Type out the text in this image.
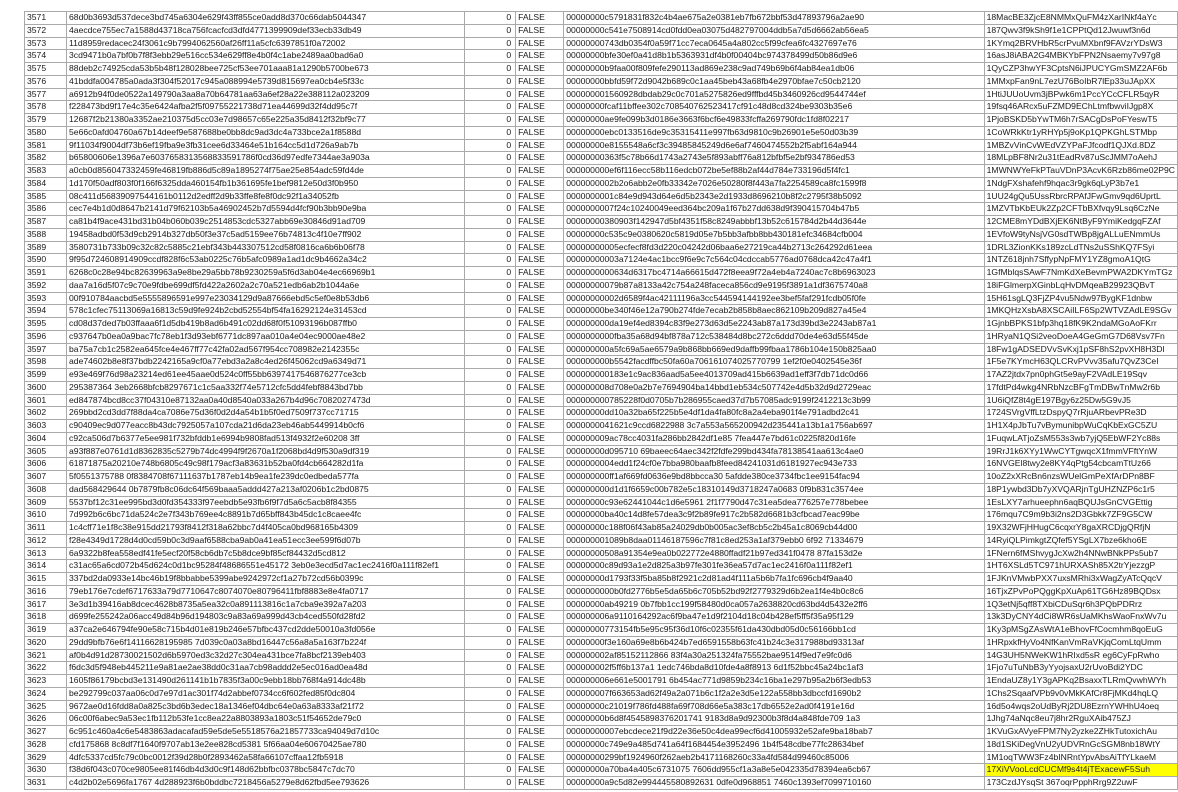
3571	68d0b3693d537dece3bd745a6304e629f43ff855ce0add8d370c66dab5044347	0	FALSE	00000000c5791831f832c4b4ae675a2e0381eb7fb672bbf53d47893796a2ae90	18MacBE3ZjcE8NMMxQuFM4zXarINkf4aYc
3572	4aecdce755ec7a1588d43718ca756fcacfcd3dfd4771399909def33ecb33db49	0	FALSE	00000000c541e7508914cd0fdd0ea03075d482797004ddb5a7d5d6662ab56ea5	187Qwv3f9kSh9f1e1CPPtQd12Jwuwf3n6d
3573	11d8959redacec24f3061c9b7994062560af26ff11a5cfc6397851f0a72002	0	FALSE	00000000743db0354f0a59f71cc7eca0645a4a802cc5f99cfea6fc4327697e76	1KYmq2BRVHbR5crPvuMXbnf9FAVzrYDsW3
3574	3cd9471b0a7bf0b7f8f3ebb29e516cc534e629ff8e4b0f4c1abe2489aa0bad6a0	0	FALSE	00000000bfe30ef0a41d8b1b5363931df4b0f00404bc974378499d50b86d9e6	16asJ8iABA2G4MBKYbFPN2Nsaemy7v97g8
3575	88deb2c74925cda53b5b48f128028bee725cf53ee701aaa81a1290b5700be673	0	FALSE	00000000b9faa00f809fefe290113ad869e238c9ad749b69b6f4ab84ea1db06	1QyCZP3hwYF3CptsN6iJPUCYGmSMZ2AF6b
3576	41bddfa004785a0ada3f304f52017c945a088994e5739d815697ea0cb4e5f33c	0	FALSE	00000000bbfd59f72d9042b689c0c1aa45beb43a68fb4e2970bfae7c50cb2120	1MMxpFan9nL7ezU76BoIbR7lEp33uJApXX
3577	a6912b94f0de0522a149790a3aa8a70b64781aa63a6ef28a22e388112a023209	0	FALSE	000000001560928dbdab29c0c701a5275826ed9fffbd45b3460926cd9544744ef	1HtiJUUoUvm3jBPwk6m1PccYCcCFLR5qyR
3578	f228473bd9f17e4c35e6424afba2f5f09755221738d71ea44699d32f4dd95c7f	0	FALSE	00000000fcaf11bffee302c708540762523417cf91c48d8cd324be9303b35e6	19fsq46ARcx5uFZMD9EChLtmfbwviIJgp8X
3579	12687f2b21380a3352ae210375d5cc03e7d98657c65e225a35d8412f32bf9c77	0	FALSE	00000000ae9fe099b3d0186e3663f6bcf6e49833fcffa269790fdc1fd8f02217	1PjoBSKD5bYwTM6h7rSACgDsPoFYeswT5
3580	5e66c0afd04760a67b14deef9e587688be0bb8dc9ad3dc4a733bce2a1f8588d	0	FALSE	00000000ebc0133516de9c35315411e997fb63d9810c9b26901e5e50d03b39	1CoWRkKtr1yRHYp5j9oKp1QPKGhLSTMbp
3581	9f11034f9004df73b6ef19fba9e3fb31cee6d33464e51b164cc5d1d726a9ab7b	0	FALSE	00000000e8155548a6cf3c39485845249d6e6af7460474552b2f5abf164a944	1MBZvVinCvWEdVZYPaFJfcodf1QJXd.8DZ
3582	b65800606e1396a7e6037658313568833591786f0cd36d97edfe7344ae3a903a	0	FALSE	00000000363f5c78b66d1743a2743e5f893abff76a812bfbf5e2bf934786ed53	18MLpBF8Nr2u31tEadRv87uScJMM7oAehJ
3583	a0cb0d856047332459fe46819fb886d5c89a1895274f75ae25e854adc59fd4de	0	FALSE	000000000ef6f116ecc58b116edcb072be5ef88b2af44d784e733196d5f4fc1	1MWNWYeFkPTauVDnP3AcvK6Rzb86me02P9C
3584	1d170f50adf803f0f166f6325dda460154fb1b361695fe1bef9812e50d3f0b950	0	FALSE	0000000002b2o6abb2e0fb33342e7026e50280f8f443a7fa2254589ca8fc1599f8	1NdgFXshafehf9hqac3r9gk6qLyP3b7e1
3585	08c411d56839097544161b0112d2edff2d9b33ffe8fe8f0dc92f1a34052fb	0	FALSE	0000000001c84e9d943d64e6d5b2343e2d1933d8696210b8f2c2795f38b5092	1UU24gQu5UssRbrcRPAfJFwGmv9qd6UprtL
3586	cec7e4b1d0d8647b2141d79f62103b5a46902452b7d5594d4fcf90b3bb90e9ba	0	FALSE	0000000007f24c10240049eed364bc209a1f67b27dd638d9f390415704b47b5	1MZVTbKbEUk2Zp2CFTbBXfvqy9Lsq6CzNe
3587	ca81b4f9ace431bd31b04b060b039c2514853cdc5327abb69e30846d91ad709	0	FALSE	00000000380903f142947d5bf4351f58c8249abbbf13b52c615784d2b44d3644e	12CME8mYDdBXjEK6NtByF9YmiKedgqFZAf
3588	19458adbd0f53d9cb2914b327db50f3e37c5ad5159ee76b74813c4f10e7ff902	0	FALSE	00000000c535c9e0380620c5819d05e7b5bb3afbb8bb430181efc34684cfb004	1EVfoW9tyNsjVG0sdTWBp8jgALLuENmmUs
3589	3580731b733b09c32c82c5885c21ebf343b443307512cd58f0816ca6b6b06f78	0	FALSE	00000000005ecfecf8fd3d220c04242d06baa6e27219ca44b2713c264292d61eea	1DRL3ZionKKs189zcLdTNs2uSShKQ7FSyi
3590	9f95d724608914909ccdf828f6c53ab0225c76b5afc0989a1ad1dc9b4662a34c2	0	FALSE	00000000003a7124e4ac1bcc9f6e9c7c564c04cdccab5776ad0768dca42c47a4f1	1NTZ618jnh7SffypNpFMY1YZ8gmoA1QtG
3591	6268c0c28e94bc82639963a9e8be29a5bb78b9230259a5f6d3ab04e4ec66969b1	0	FALSE	0000000000634d6317bc4714a66615d472f8eea9f72a4eb4a7240ac7c8b6963023	1GfMblqsSAwF7NmKdXeBevmPWA2DKYmTGz
3592	daa7a16d5f07c9c70e9fdbe699df5fd422a2602a2c70a521edb6ab2b1044a6e	0	FALSE	00000000079b87a8133a42c754a248faceca856cd9e9195f3891a1df3675740a8	18iFGlmerpXGinbLqHvDMqeaB29923QBvT
3593	00f910784aacbd5e5555896591e997e23034129d9a87666ebd5c5ef0e8b53db6	0	FALSE	00000000002d6589f4ac42111196a3cc544594144192ee3bef5faf291fcdb05f0fe	15H61sgLQ3FjZP4vu5Ndw97BygKF1dnbw
3594	578c1cfec75113069a16813c59d9fe924b2cbd52554bf54fa16292124e31453cd	0	FALSE	00000000be340f46e12a790b274fde7ecab2b858b8aec862109b209d827a45e4	1MKQHzXsbA8XSCAiILF6Sp2WTVZAdLE9SGv
3595	cd08d37ded7b03ffaaa6f1d5db419b8ad6b491c02dd68f0f51093196b087ffb0	0	FALSE	000000000da19ef4ed8394c83f9e273d63d5e2243ab87a173d39bd3e2243ab87a1	1GjnbBPKS1bfp3hq18fK9K2ndaMGoAoFKrr
3596	c937647b0ea0a9bac7fc78eb1f3d93ebf6771dc897aa010a4e04ec9000ae48e2	0	FALSE	0000000000fba35a68d94bf878a712c538484d8bc272c6ddd70de4e63d55f45de	1HRyaN1QSi2veoDoeA4GeGmG7D68Vsv7Fn
3597	ba75a7cb1c2582ea645fce4e467ff77c42fa02ad567f954cc708982e2142355c	0	FALSE	000000000a5fc69a5ae6579a9b868bb669ed9daffb99fbaa1786b104e150b825aa0	18Fw1gADSEDVvSvKxj1pSF8hS2pvXH8H3DI
3598	ade74602b8e8f37bdb2242165a9cf0a77ebd3a2a8c4ed26f45062cd9a6349d71	0	FALSE	000000000b5542facdffbc50fa60a706161074025770799 1ef2f0e0402545e36f	1F5e7KYmcH63QLCRvPVvv35afu7QvZ3CeI
3599	e93e469f76d98a23214ed61ee45aae0d524c0ff55bb6397417546876277ce3cb	0	FALSE	000000000183e1c9ac836aad5a5ee4013709ad415b6639ad1eff3f7db71dc0d66	17AZ2jtdx7pn0phGt5e9ayF2VAdLE19Sqv
3600	295387364 3eb2668bfcb8297671c1c5aa332f74e5712cfc5dd4febf8843bd7bb	0	FALSE	000000008d708e0a2b7e7694904ba14bbd1eb534c507742e4d5b32d9d2729eac	17fdtPd4wkg4NRbNzcBFgTmDBwTnMw2r6b
3601	ed847874bcd8cc37f04310e87132aa0a40d8540a033a267b4d96c7082027473d	0	FALSE	000000000785228f0d0705b7b286955caed37d7b57085adc9199f2412213c3b99	1U6iQfZ8t4gE197Bgy6z25Dw5G9vJ5
3602	269bbd2cd3dd7f88da4ca7086e75d36f0d2d4a54b1b5f0ed7509f737cc71715	0	FALSE	00000000dd10a32ba65f225b5e4df1da4fa80fc8a2a4eba901f4e791adbd2c41	1724SVrgVffLtzDspyQ7rRjuARbevPRe3D
3603	c90409ec9d077eacc8b43dc7925057a107cda21d6da23eb46ab5449914b0cf6	0	FALSE	0000000041621c9ccd6822988 3c7a553a565200942d235441a13b1a1756ab697	1H1X4pJbTu7vBymunibpWuCqKbExGC5ZU
3604	c92ca506d7b6377e5ee981f732bfddb1e6994b9808fad513f4932f2e60208 3ff	0	FALSE	000000009ac78cc4031fa286bb2842df1e85 7fea447e7bd61c0225f820d16fe	1FuqwLATjoZsM553s3wb7yjQ5EbWF2Yc88s
3605	a93f887e0761d1d8362835c5279b74dc4994f9f2670a1f2068bd4d9f530a9df319	0	FALSE	00000000d095710 69baeec64aec342f2fdfe299bd434fa78138541aa613c4ae0	19RrJ1k6XYy1WwCYTgwqcX1fmmVFftYnW
3606	61871875a20210e748b6805c49c98f179acf3a83631b52ba0fd4cb664282d1fa	0	FALSE	0000000004edd1f24cf0e7bba980baafb8feed84241031d6181927ec943e733	16NVGEl8twy2e8KY4qPtg54cbcamTtUz66
3607	5f0551375788 0f8384708f67111637b1787eb14b9ea1fe239dc0edbeda577fa	0	FALSE	000000000ff1af669fd0636e9bd8bbcca30 5afdde380ce3734fbc1ee9154fac94	10oZ2xXRcBn6nzsWUelGmPeXfArDPn8BF
3608	dad568429644 0b7879fb8c06dc64f569baaa5addd427a213af0206b1c2bd0875	0	FALSE	000000000d1d1f6659c00b782e5c18310149d3718247a0683 0f9b831c3574ee	18P1ywbd3Db7yXVQARjnTgUHZNZP6c1r5
3609	5537bf12c31ee995bd3d0fd354333f97eebdb5e93fb6f9f7d5a6c5acb8f84355	0	FALSE	00000000c93e62441044c1d6e5961 2f1f7790d47c31ea5dea776257e778bebee	1EsLXY7arhueephn6aqBQUJsGnCVGEttig
3610	7d992b6c6bc71da524c2e7f343b769ee4c8891b7d65bff843b45dc1c8caee4fc	0	FALSE	00000000ba40c14d8fe57dea3c9f2b89fe917c2b582d6681b3cfbcad7eac99be	176mqu7C9m9b3i2ns2D3Gbkk7ZF9G5CW
3611	1c4cff71e1f8c38e915dd21793f8412f318a62bbc7d4f405ca0bd968165b4309	0	FALSE	00000000c188f06f43ab85a24029db0b005ac3ef8cb5c2b45a1c8069cb44d00	19X32WFjHHugC6cqxrY8gaXRCDjgQRfjN
3612	f28e4349d1728d4d0cd59b0c3d9aaf6588cba9ab0a41ea51ecc3ee599f6d07b	0	FALSE	000000001089b8daa01146187596c7f81c8ed253a1af379ebb0 6f92 71334679	14RyiQLPimkgtZQfef5YSgLX7bze6kho6E
3613	6a9322b8fea558edf41fe5ecf20f58cb6db7c5b8dce9bf85cf84432d5cd812	0	FALSE	00000000508a91354e9ea0b022772e4880ffadf21b97ed341f0478 87fa153d2e	1FNern6fMShvygJcXw2h4NNwBNkPPs5ub7
3614	c31ac65a6cd072b45d624c0d1bc95284f48686551e45172 3eb0e3ecd5d7ac1ec2416f0a111f82ef1	0	FALSE	00000000c89d93a1e2d825a3b97fe301fe36ea57d7ac1ec2416f0a111f82ef1	1HT6XSLd5TC971hURXASh85X2trYjezzgP
3615	337bd2da0933e14bc46b19f8bbabbe5399abe9242972cf1a27b72cd56b0399c	0	FALSE	00000000d1793f33f5ba85b8f2921c2d81ad4f111a5b6b7fa1fc696cb4f9aa40	1FJKnVMwbPXX7uxsMRhi3xWagZyATcQqcV
3616	79eb176e7cdef6717633a79d7710647c8074070e80796411fbf8883e8e4fa0717	0	FALSE	0000000000b0fd2776b5e5da65b6c705b52bd92f2779329d6b2ea1f4e4b0c8c6	16TjxZPvPoPQggKpXuAp61TG6Hz89BQDsx
3617	3e3d1b39416ab8dcec4628b8735a5ea32c0a891113816c1a7cba9e392a7a203	0	FALSE	00000000ab49219 0b7fbb1cc199f58480d0ca057a2638820cd63bd4d5432e2ff6	1Q3etNj5qff8TXbiCDuSqr6h3PQbPDRrz
3618	d699fe255242a06acc49d84b96d194803c9a83a69a999d43cb4ced550fd28fd2	0	FALSE	000000006a9110164292ac6f9ba47e1d9f2104d18c04b428ef5ff5f35a95f129	13k3DyCNY4dCi8WR6sUaMKhsWaoFnxWv7u
3619	a37ca2e646794fe90e58c715b4d01e819b246e57bfbc437cd2dde50010a3fd056e	0	FALSE	00000000773154fb5e95c95f36d10f6c02355f61da430dbd05d0c56166bb1cd	1Ky3pMSgZAsWtA1eBhovFfCocmhm8qoEuG
3620	29dd9bfb76e6f14116628195985 7d039c0a03a8bd16447c56a8a5a163f7b224f	0	FALSE	00000000f3e160a69e8b6b424b7ed6591558b63fc41b24c3e317988bd93313af	1HRpxkfHyVo4NfKanVmRaVKjqComLtqUmm
3621	af0b4d91d28730021502d6b5970ed3c32d27c304ea431bce7fa8bcf2139eb403	0	FALSE	000000002af85152112866 83f4a30a251324fa75552bae9514f9ed7e9fc0d6	14G3UH5NWeKW1hRIxd5sR eg6CyFpRwho
3622	f6dc3d5f948eb445211e9a81ae2ae38dd0c31aa7cb98addd2e5ec016ad0ea48d	0	FALSE	000000002f5ff6b137a1 1edc746bda8d10fde4a8f8913 6d1f52bbc45a24bc1af3	1Fjo7uTuNbB3yYyojsaxU2rUvoBdi2YDC
3623	1605f86179bcbd3e131490d261141b1b7835f3a00c9ebb18bb768f4a914dc48b	0	FALSE	000000006e661e5001791 6b454ac771d9859b234c16ba1e297b95a2b6f3edb53	1EndaUZ8y1Y3gAPKq2BsaxxTLRmQvwhWYh
3624	be292799c037aa06c0d7e97d1ac301f74d2abbef0734cc6f602fed85f0dc804	0	FALSE	000000007f663653ad62f49a2a071b6c1f2a2e3d5e122a558bb3dbccfd1690b2	1Chs2SqaafVPb9v0vMkKAfCr8FjMKd4hqLQ
3625	9672ae0d16fdd8a0a825c3bd6b3edec18a1346ef04dbc64e0a63a8333af21f72	0	FALSE	00000000c21019f786fd488fa69f708d66e5a383c17db6552e2ad0f4191e16d	16d5o4wqs2oUdByRj2DU8EzrnYWHhU4oeq
3626	06c00f6abec9a53ec1fb112b53fe1cc8ea22a8803893a1803c51f54652de79c0	0	FALSE	00000000b6d8f4545898376201741 9183d8a9d92300b3f8d4a848fde709 1a3	1Jhg74aNqc8eu7j8hr2RguXAib475ZJ
3627	6c951c460a4c6e5483863adacafad59e5de5e5518576a21857733ca94049d7d10c	0	FALSE	00000000007ebcdece21f9d22e36e50c4dea99ecf6d41005932e52afe9ba18bab7	1KVuGxAVyeFPM7Ny2yzke2ZHkTutoxichAu
3628	cfd175868 8c8df7f1640f9707ab13e2ee828cd5381 5f66aa04e60670425ae780	0	FALSE	00000000c749e9a485d741a64f1684454e3952496 1b4f548cdbe77fc28634bef	18d1SKiDegVnU2yUDVRnGcSGM8nb18WtY
3629	4dfc5337cd5fc79c0bc0012f39d28b0f2893462a58fa66107cffaa12fb5918	0	FALSE	00000000299bf1924960f262aeb2b4171168260c33a4fd584d99460c85006	1M1oqTWW3Fz4bINRntYpvAbsAiTfYLkaeM
3630	f38d6f043c070ce9805ee81f46db4d3d0c9f148d62bbfbc0378bc5847c7dc70	0	FALSE	00000000a70ba4a405c6731075 7606dd955cf1a3a8e5e042335d78394ea6cb67	17XiVVooLcdCUCMf9s4t4jTExacewF5Suh
3631	c4d2b02e5696fa1767 4d288923f6b0bddbc7218456a5279e8d62fbd5ee793626	0	FALSE	00000000a9c5d82e994445580892631 0dfe0d968851 7460c1393ef7099710160	173CzdJYsqSt 367oqrPpphRrg9Z2uwF
